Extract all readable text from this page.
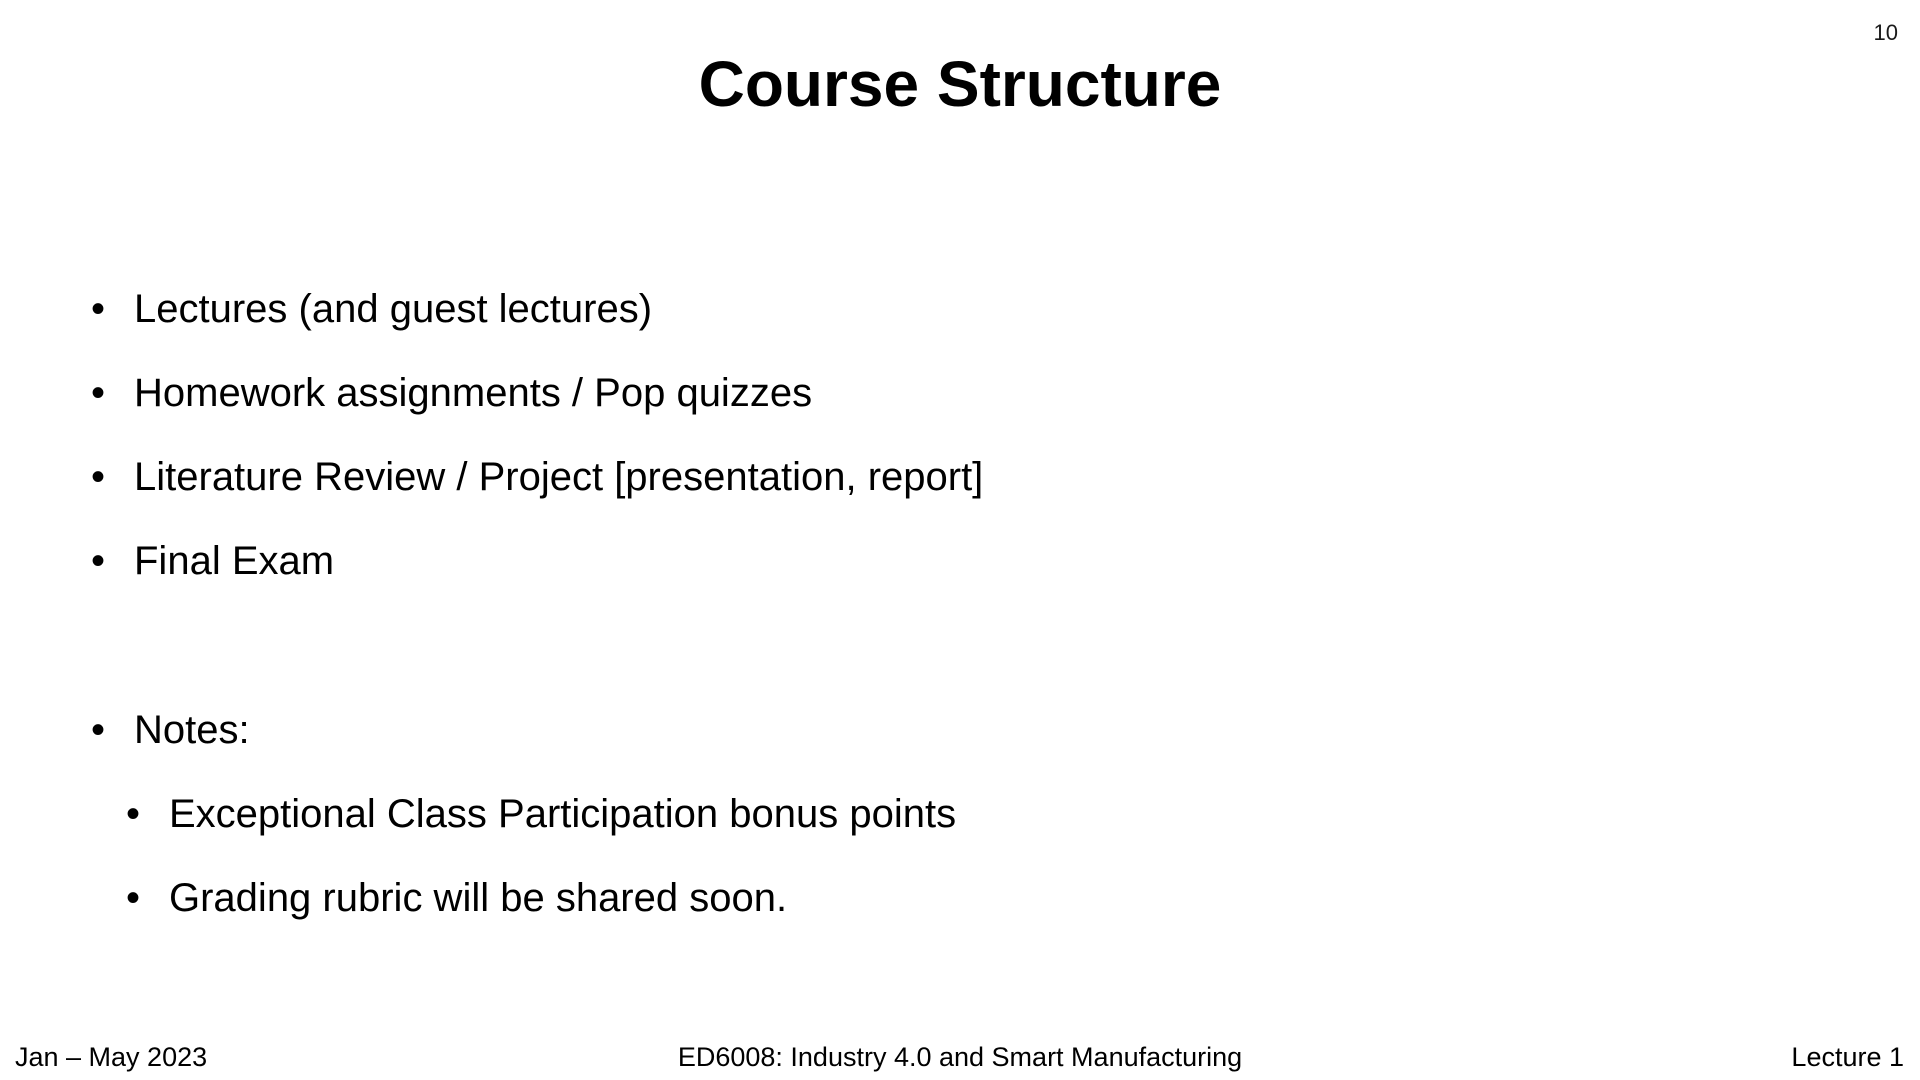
10
Course Structure
• Lectures (and guest lectures)
• Homework assignments / Pop quizzes
• Literature Review / Project [presentation, report]
• Final Exam
• Notes:
• Exceptional Class Participation bonus points
• Grading rubric will be shared soon.
Jan – May 2023	ED6008: Industry 4.0 and Smart Manufacturing	Lecture 1
